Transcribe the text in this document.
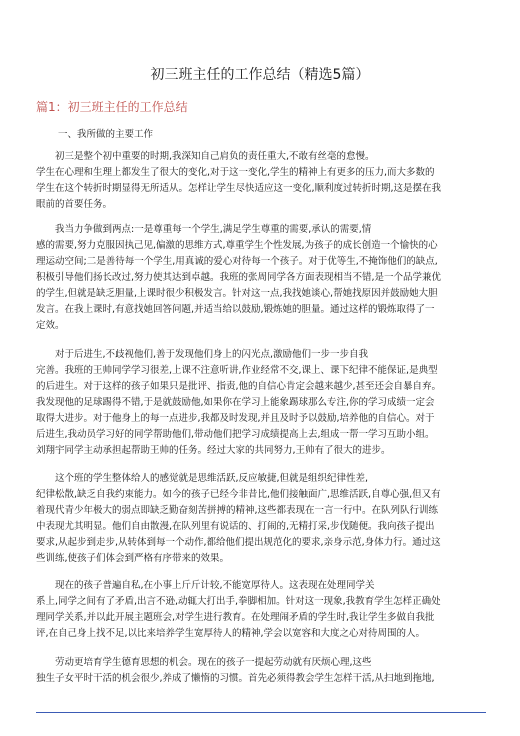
初三班主任的工作总结（精选5篇）
篇1：初三班主任的工作总结
一、我所做的主要工作
　　初三是整个初中重要的时期,我深知自己肩负的责任重大,不敢有丝毫的怠慢。
学生在心理和生理上都发生了很大的变化,对于这一变化,学生的精神上有更多的压力,而大多数的
学生在这个转折时期显得无所适从。怎样让学生尽快适应这一变化,顺利度过转折时期,这是摆在我
眼前的首要任务。
　　我当力争做到两点:一是尊重每一个学生,满足学生尊重的需要,承认的需要,情
感的需要,努力克服因执己见,偏激的思维方式,尊重学生个性发展,为孩子的成长创造一个愉快的心
理运动空间;二是善待每一个学生,用真诚的爱心对待每一个孩子。对于优等生,不掩饰他们的缺点,
积极引导他们扬长改过,努力使其达到卓越。我班的张周同学各方面表现相当不错,是一个品学兼优
的学生,但就是缺乏胆量,上课时很少积极发言。针对这一点,我找她谈心,帮她找原因并鼓励她大胆
发言。在我上课时,有意找她回答问题,并适当给以鼓励,锻炼她的胆量。通过这样的锻炼取得了一
定效。
　　对于后进生,不歧视他们,善于发现他们身上的闪光点,激励他们一步一步自我
完善。我班的王帅同学学习很差,上课不注意听讲,作业经常不交,课上、课下纪律不能保证,是典型
的后进生。对于这样的孩子如果只是批评、指责,他的自信心肯定会越来越少,甚至还会自暴自弃。
我发现他的足球踢得不错,于是就鼓励他,如果你在学习上能象踢球那么专注,你的学习成绩一定会
取得大进步。对于他身上的每一点进步,我都及时发现,并且及时予以鼓励,培养他的自信心。对于
后进生,我动员学习好的同学帮助他们,带动他们把学习成绩提高上去,组成一帮一学习互助小组。
刘翔宇同学主动承担起帮助王帅的任务。经过大家的共同努力,王帅有了很大的进步。
　　这个班的学生整体给人的感觉就是思维活跃,反应敏捷,但就是组织纪律性差,
纪律松散,缺乏自我约束能力。如今的孩子已经今非昔比,他们接触面广,思维活跃,自尊心强,但又有
着现代青少年极大的弱点即缺乏勤奋刻苦拼搏的精神,这些都表现在一言一行中。在队列队行训练
中表现尤其明显。他们自由散漫,在队列里有说话的、打闹的,无精打采,步伐随便。我向孩子提出
要求,从起步到走步,从转体到每一个动作,都给他们提出规范化的要求,亲身示范,身体力行。通过这
些训练,使孩子们体会到严格有序带来的效果。
　　现在的孩子普遍自私,在小事上斤斤计较,不能宽厚待人。这表现在处理同学关
系上,同学之间有了矛盾,出言不逊,动辄大打出手,拳脚相加。针对这一现象,我教育学生怎样正确处
理同学关系,并以此开展主题班会,对学生进行教育。在处理闹矛盾的学生时,我让学生多做自我批
评,在自己身上找不足,以比来培养学生宽厚待人的精神,学会以宽容和大度之心对待周围的人。
　　劳动更培育学生德育思想的机会。现在的孩子一提起劳动就有厌烦心理,这些
独生子女平时干活的机会很少,养成了懒惰的习惯。首先必须得教会学生怎样干活,从扫地到拖地,
